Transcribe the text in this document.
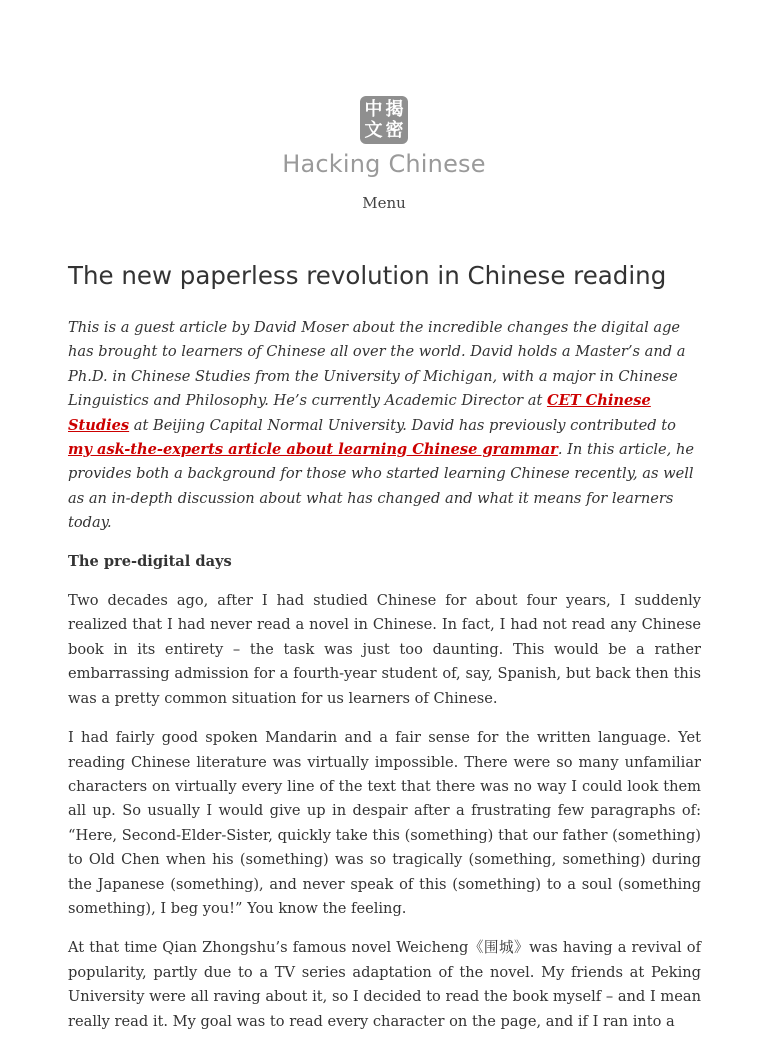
中 揭
文 密
Hacking Chinese
Menu
The new paperless revolution in Chinese reading

This is a guest article by David Moser about the incredible changes the digital age has brought to learners of Chinese all over the world. David holds a Master’s and a Ph.D. in Chinese Studies from the University of Michigan, with a major in Chinese Linguistics and Philosophy. He’s currently Academic Director at CET Chinese Studies at Beijing Capital Normal University. David has previously contributed to my ask-the-experts article about learning Chinese grammar. In this article, he provides both a background for those who started learning Chinese recently, as well as an in-depth discussion about what has changed and what it means for learners today.

The pre-digital days

Two decades ago, after I had studied Chinese for about four years, I suddenly realized that I had never read a novel in Chinese. In fact, I had not read any Chinese book in its entirety – the task was just too daunting. This would be a rather embarrassing admission for a fourth-year student of, say, Spanish, but back then this was a pretty common situation for us learners of Chinese.

I had fairly good spoken Mandarin and a fair sense for the written language. Yet reading Chinese literature was virtually impossible. There were so many unfamiliar characters on virtually every line of the text that there was no way I could look them all up. So usually I would give up in despair after a frustrating few paragraphs of: “Here, Second-Elder-Sister, quickly take this (something) that our father (something) to Old Chen when his (something) was so tragically (something, something) during the Japanese (something), and never speak of this (something) to a soul (something something), I beg you!” You know the feeling.

At that time Qian Zhongshu’s famous novel Weicheng《围城》was having a revival of popularity, partly due to a TV series adaptation of the novel. My friends at Peking University were all raving about it, so I decided to read the book myself – and I mean really read it. My goal was to read every character on the page, and if I ran into a
